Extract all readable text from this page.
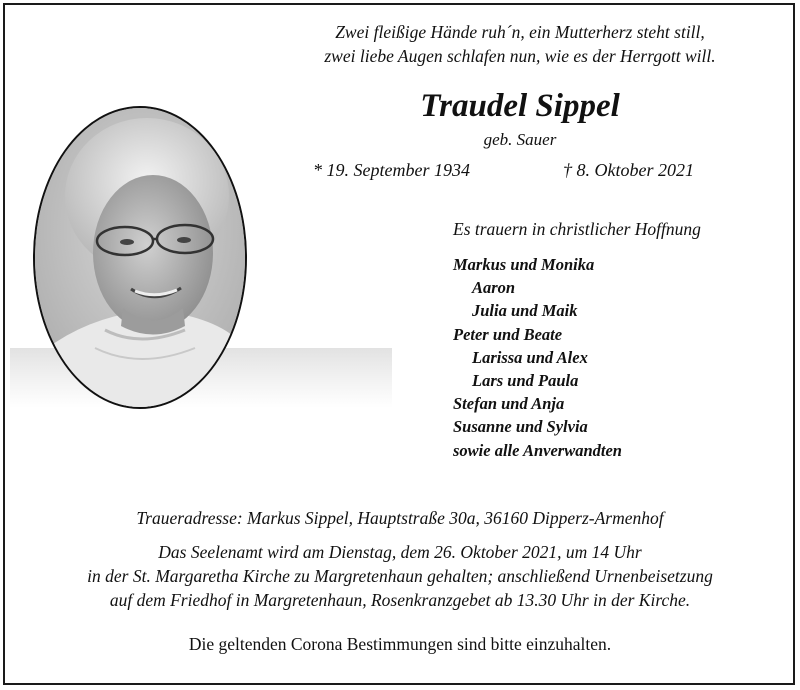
Zwei fleißige Hände ruh´n, ein Mutterherz steht still,
zwei liebe Augen schlafen nun, wie es der Herrgott will.
Traudel Sippel
geb. Sauer
* 19. September 1934	† 8. Oktober 2021
Es trauern in christlicher Hoffnung
Markus und Monika
Aaron
Julia und Maik
Peter und Beate
Larissa und Alex
Lars und Paula
Stefan und Anja
Susanne und Sylvia
sowie alle Anverwandten
Traueradresse: Markus Sippel, Hauptstraße 30a, 36160 Dipperz-Armenhof
Das Seelenamt wird am Dienstag, dem 26. Oktober 2021, um 14 Uhr
in der St. Margaretha Kirche zu Margretenhaun gehalten; anschließend Urnenbeisetzung
auf dem Friedhof in Margretenhaun, Rosenkranzgebet ab 13.30 Uhr in der Kirche.
Die geltenden Corona Bestimmungen sind bitte einzuhalten.
